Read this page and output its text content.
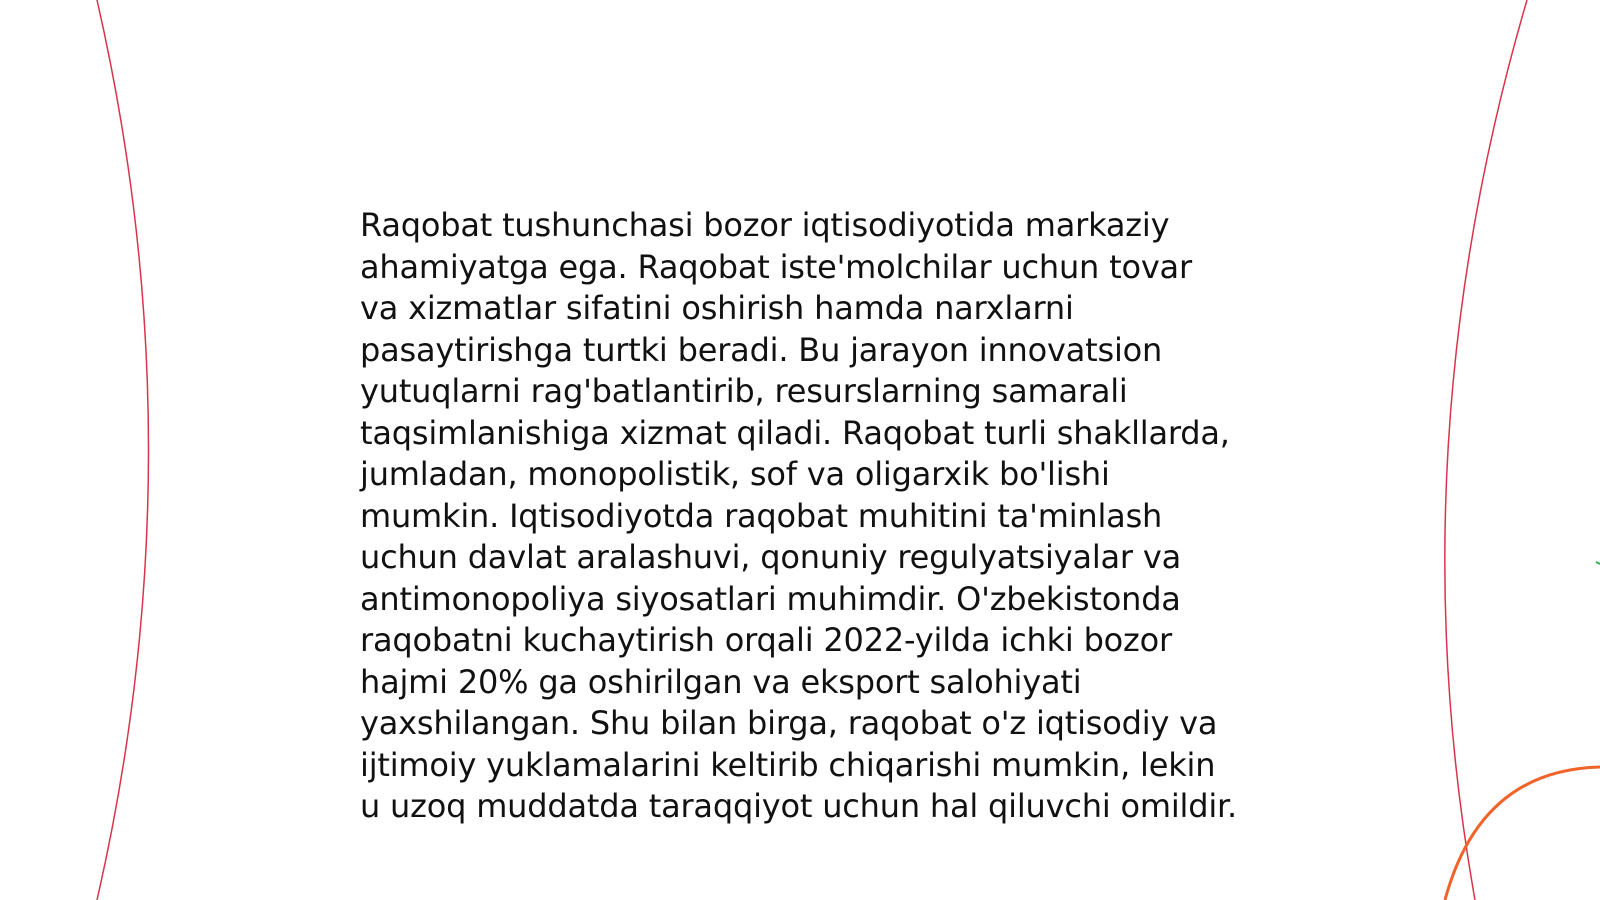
Raqobat tushunchasi bozor iqtisodiyotida markaziy ahamiyatga ega. Raqobat iste'molchilar uchun tovar va xizmatlar sifatini oshirish hamda narxlarni pasaytirishga turtki beradi. Bu jarayon innovatsion yutuqlarni rag'batlantirib, resurslarning samarali taqsimlanishiga xizmat qiladi. Raqobat turli shakllarda, jumladan, monopolistik, sof va oligarxik bo'lishi mumkin. Iqtisodiyotda raqobat muhitini ta'minlash uchun davlat aralashuvi, qonuniy regulyatsiyalar va antimonopoliya siyosatlari muhimdir. O'zbekistonda raqobatni kuchaytirish orqali 2022-yilda ichki bozor hajmi 20% ga oshirilgan va eksport salohiyati yaxshilangan. Shu bilan birga, raqobat o'z iqtisodiy va ijtimoiy yuklamalarini keltirib chiqarishi mumkin, lekin u uzoq muddatda taraqqiyot uchun hal qiluvchi omildir.
